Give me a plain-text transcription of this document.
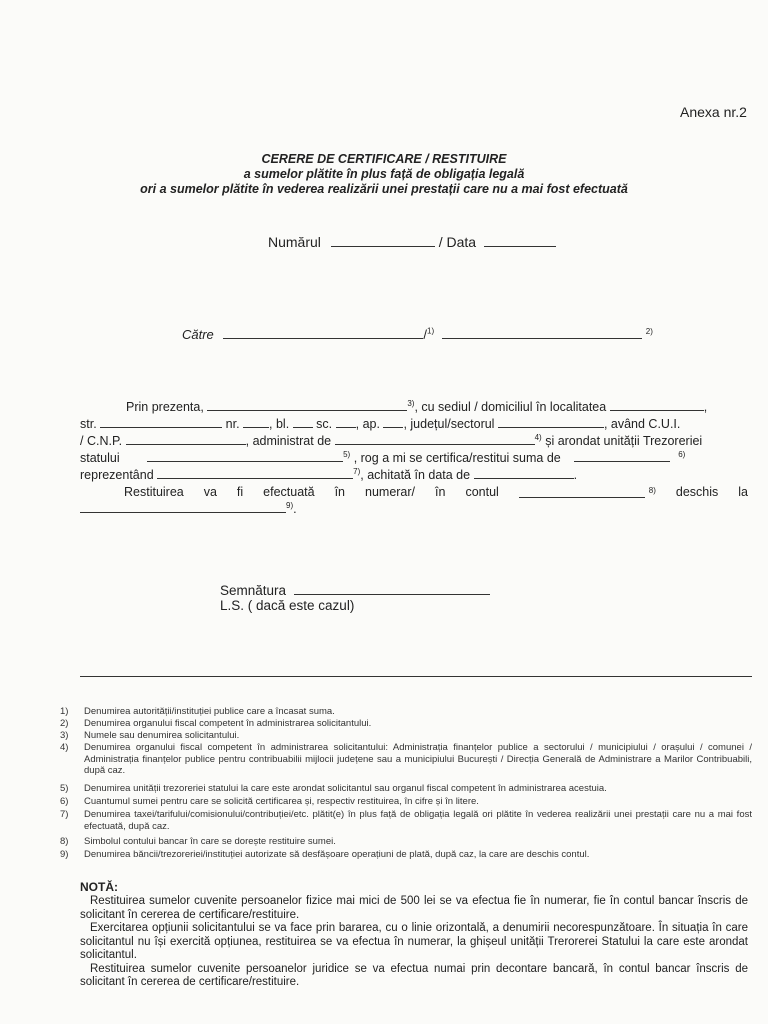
Anexa nr.2
CERERE DE CERTIFICARE / RESTITUIRE
a sumelor plătite în plus față de obligația legală
ori a sumelor plătite în vederea realizării unei prestații care nu a mai fost efectuată
Numărul	/ Data
Către	/$^{1)}$	$^{2)}$
Prin prezenta,	$^{3)}$, cu sediul / domiciliul în localitatea	,
str.	nr. , bl. sc. , ap. , județul/sectorul	, având C.U.I.
/ C.N.P.	, administrat de	$^{4)}$ și arondat unității Trezoreriei
statului	$^{5)}$ , rog a mi se certifica/restitui suma de	$^{6)}$
reprezentând	$^{7)}$, achitată în data de	.
Restituirea va fi efectuată în numerar/ în contul	$^{8)}$ deschis la
$^{9)}$.
Semnătura
L.S. ( dacă este cazul)
1)	Denumirea autorității/instituției publice care a încasat suma.
2)	Denumirea organului fiscal competent în administrarea solicitantului.
3)	Numele sau denumirea solicitantului.
4)	Denumirea organului fiscal competent în administrarea solicitantului: Administrația finanțelor publice a sectorului / municipiului / orașului / comunei / Administrația finanțelor publice pentru contribuabilii mijlocii județene sau a municipiului București / Direcția Generală de Administrare a Marilor Contribuabili, după caz.
5)	Denumirea unității trezoreriei statului la care este arondat solicitantul sau organul fiscal competent în administrarea acestuia.
6)	Cuantumul sumei pentru care se solicită certificarea și, respectiv restituirea, în cifre și în litere.
7)	Denumirea taxei/tarifului/comisionului/contribuției/etc. plătit(e) în plus față de obligația legală ori plătite în vederea realizării unei prestații care nu a mai fost efectuată, după caz.
8)	Simbolul contului bancar în care se dorește restituire sumei.
9)	Denumirea băncii/trezoreriei/instituției autorizate să desfășoare operațiuni de plată, după caz, la care are deschis contul.
NOTĂ:

Restituirea sumelor cuvenite persoanelor fizice mai mici de 500 lei se va efectua fie în numerar, fie în contul bancar înscris de solicitant în cererea de certificare/restituire.

Exercitarea opțiunii solicitantului se va face prin bararea, cu o linie orizontală, a denumirii necorespunzătoare. În situația în care solicitantul nu își exercită opțiunea, restituirea se va efectua în numerar, la ghișeul unității Trerorerei Statului la care este arondat solicitantul.

Restituirea sumelor cuvenite persoanelor juridice se va efectua numai prin decontare bancară, în contul bancar înscris de solicitant în cererea de certificare/restituire.
